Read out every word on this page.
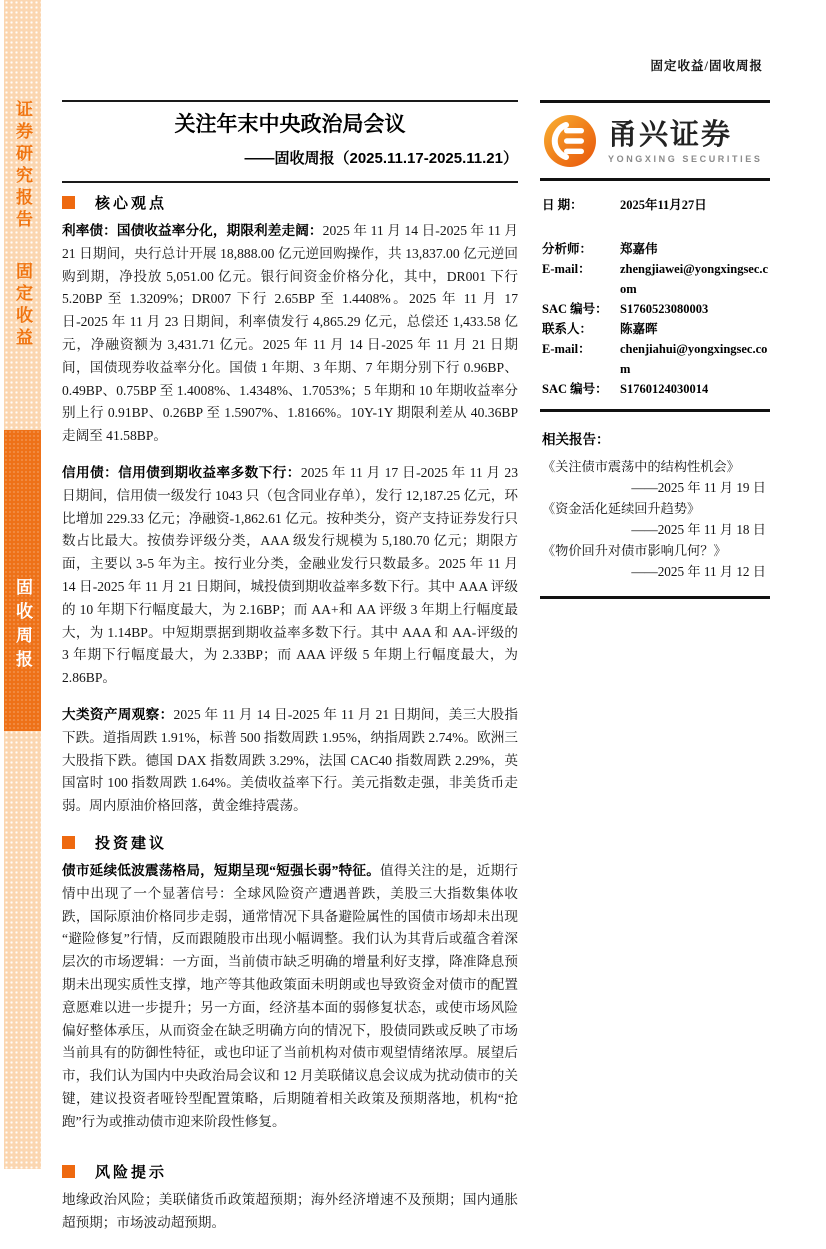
证券研究报告
固定收益
固收周报
固定收益/固收周报
关注年末中央政治局会议
——固收周报（2025.11.17-2025.11.21）
核心观点

利率债：国债收益率分化，期限利差走阔：2025 年 11 月 14 日-2025 年 11 月 21 日期间，央行总计开展 18,888.00 亿元逆回购操作，共 13,837.00 亿元逆回购到期，净投放 5,051.00 亿元。银行间资金价格分化，其中，DR001 下行 5.20BP 至 1.3209%；DR007 下行 2.65BP 至 1.4408%。2025 年 11 月 17 日-2025 年 11 月 23 日期间，利率债发行 4,865.29 亿元，总偿还 1,433.58 亿元，净融资额为 3,431.71 亿元。2025 年 11 月 14 日-2025 年 11 月 21 日期间，国债现券收益率分化。国债 1 年期、3 年期、7 年期分别下行 0.96BP、0.49BP、0.75BP 至 1.4008%、1.4348%、1.7053%；5 年期和 10 年期收益率分别上行 0.91BP、0.26BP 至 1.5907%、1.8166%。10Y-1Y 期限利差从 40.36BP 走阔至 41.58BP。

信用债：信用债到期收益率多数下行：2025 年 11 月 17 日-2025 年 11 月 23 日期间，信用债一级发行 1043 只（包含同业存单），发行 12,187.25 亿元，环比增加 229.33 亿元；净融资-1,862.61 亿元。按种类分，资产支持证券发行只数占比最大。按债券评级分类，AAA 级发行规模为 5,180.70 亿元；期限方面，主要以 3-5 年为主。按行业分类，金融业发行只数最多。2025 年 11 月 14 日-2025 年 11 月 21 日期间，城投债到期收益率多数下行。其中 AAA 评级的 10 年期下行幅度最大，为 2.16BP；而 AA+和 AA 评级 3 年期上行幅度最大，为 1.14BP。中短期票据到期收益率多数下行。其中 AAA 和 AA-评级的 3 年期下行幅度最大，为 2.33BP；而 AAA 评级 5 年期上行幅度最大，为 2.86BP。

大类资产周观察：2025 年 11 月 14 日-2025 年 11 月 21 日期间，美三大股指下跌。道指周跌 1.91%，标普 500 指数周跌 1.95%，纳指周跌 2.74%。欧洲三大股指下跌。德国 DAX 指数周跌 3.29%，法国 CAC40 指数周跌 2.29%，英国富时 100 指数周跌 1.64%。美债收益率下行。美元指数走强，非美货币走弱。周内原油价格回落，黄金维持震荡。

投资建议

债市延续低波震荡格局，短期呈现“短强长弱”特征。值得关注的是，近期行情中出现了一个显著信号：全球风险资产遭遇普跌，美股三大指数集体收跌，国际原油价格同步走弱，通常情况下具备避险属性的国债市场却未出现 “避险修复”行情，反而跟随股市出现小幅调整。我们认为其背后或蕴含着深层次的市场逻辑：一方面，当前债市缺乏明确的增量利好支撑，降准降息预期未出现实质性支撑，地产等其他政策面未明朗或也导致资金对债市的配置意愿难以进一步提升；另一方面，经济基本面的弱修复状态，或使市场风险偏好整体承压，从而资金在缺乏明确方向的情况下，股债同跌或反映了市场当前具有的防御性特征，或也印证了当前机构对债市观望情绪浓厚。展望后市，我们认为国内中央政治局会议和 12 月美联储议息会议成为扰动债市的关键，建议投资者哑铃型配置策略，后期随着相关政策及预期落地，机构“抢跑”行为或推动债市迎来阶段性修复。

风险提示

地缘政治风险；美联储货币政策超预期；海外经济增速不及预期；国内通胀超预期；市场波动超预期。

甬兴证券
YONGXING SECURITIES
日 期：	2025年11月27日
分析师：	郑嘉伟
E-mail：	zhengjiawei@yongxingsec.com
SAC 编号： S1760523080003
联系人：	陈嘉晖
E-mail：	chenjiahui@yongxingsec.com
SAC 编号： S1760124030014
相关报告：
《关注债市震荡中的结构性机会》
——2025 年 11 月 19 日
《资金活化延续回升趋势》
——2025 年 11 月 18 日
《物价回升对债市影响几何？》
——2025 年 11 月 12 日
